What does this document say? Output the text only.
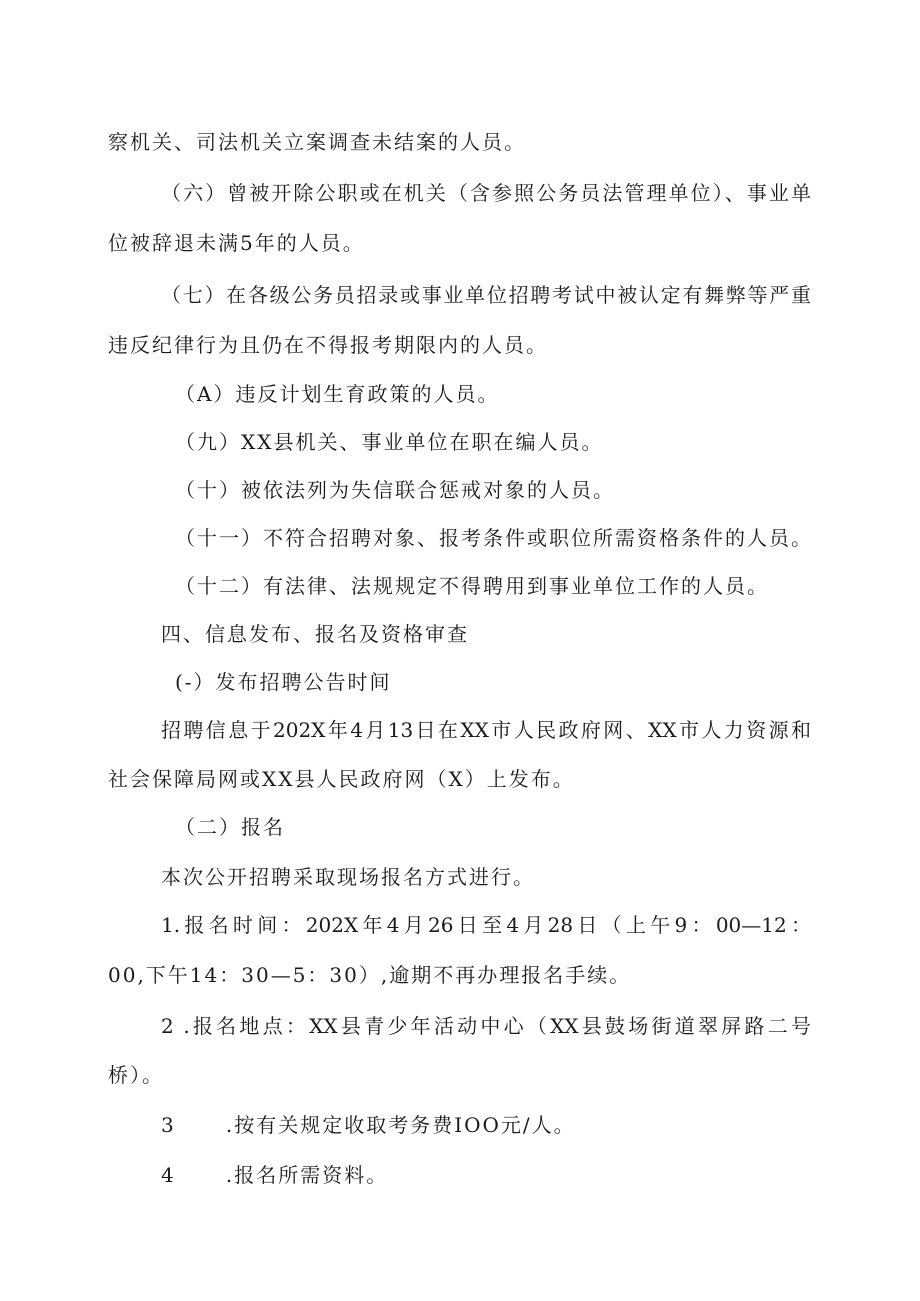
察机关、司法机关立案调查未结案的人员。

（六）曾被开除公职或在机关（含参照公务员法管理单位）、事业单

位被辞退未满5年的人员。

（七）在各级公务员招录或事业单位招聘考试中被认定有舞弊等严重

违反纪律行为且仍在不得报考期限内的人员。

（A）违反计划生育政策的人员。

（九）XX县机关、事业单位在职在编人员。

（十）被依法列为失信联合惩戒对象的人员。

（十一）不符合招聘对象、报考条件或职位所需资格条件的人员。

（十二）有法律、法规规定不得聘用到事业单位工作的人员。

四、信息发布、报名及资格审查

(-）发布招聘公告时间

招聘信息于202X年4月13日在XX市人民政府网、XX市人力资源和

社会保障局网或XX县人民政府网（X）上发布。

（二）报名

本次公开招聘采取现场报名方式进行。

1.报名时间：202X年4月26日至4月28日（上午9：00—12：

00,下午14：30—5：30）,逾期不再办理报名手续。

2 .报名地点：XX县青少年活动中心（XX县鼓场街道翠屏路二号

桥）。

3      .按有关规定收取考务费IOO元/人。

4      .报名所需资料。
